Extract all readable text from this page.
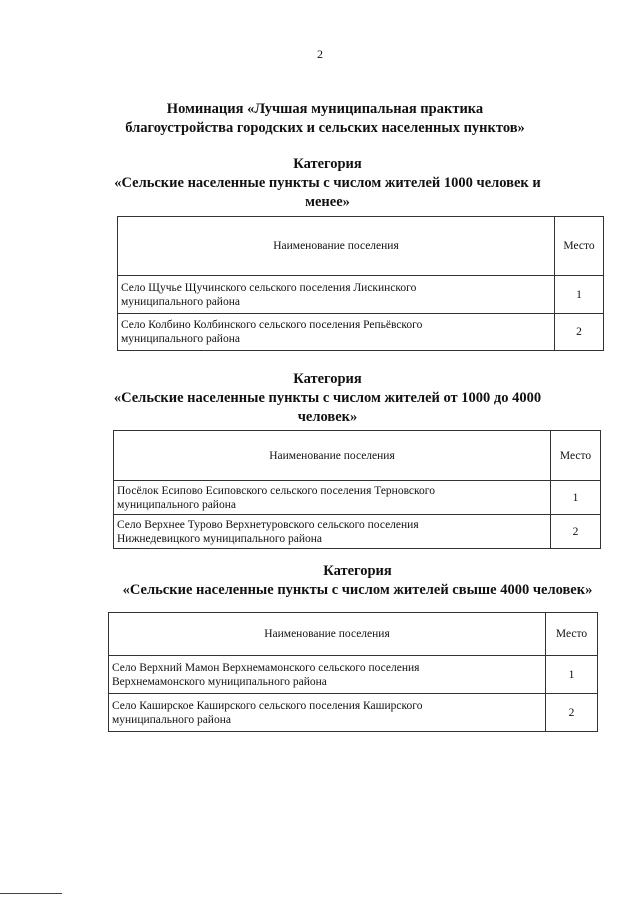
2
Номинация «Лучшая муниципальная практика
благоустройства городских и сельских населенных пунктов»
Категория
«Сельские населенные пункты с числом жителей 1000 человек и
менее»
Наименование поселения	Место

Село Щучье Щучинского сельского поселения Лискинского
муниципального района	1

Село Колбино Колбинского сельского поселения Репьёвского
муниципального района	2
Категория
«Сельские населенные пункты с числом жителей от 1000 до 4000
человек»
Наименование поселения	Место

Посёлок Есипово Есиповского сельского поселения Терновского
муниципального района	1

Село Верхнее Турово Верхнетуровского сельского поселения
Нижнедевицкого муниципального района	2
Категория
«Сельские населенные пункты с числом жителей свыше 4000 человек»
Наименование поселения	Место

Село Верхний Мамон Верхнемамонского сельского поселения
Верхнемамонского муниципального района	1

Село Каширское Каширского сельского поселения Каширского
муниципального района	2
